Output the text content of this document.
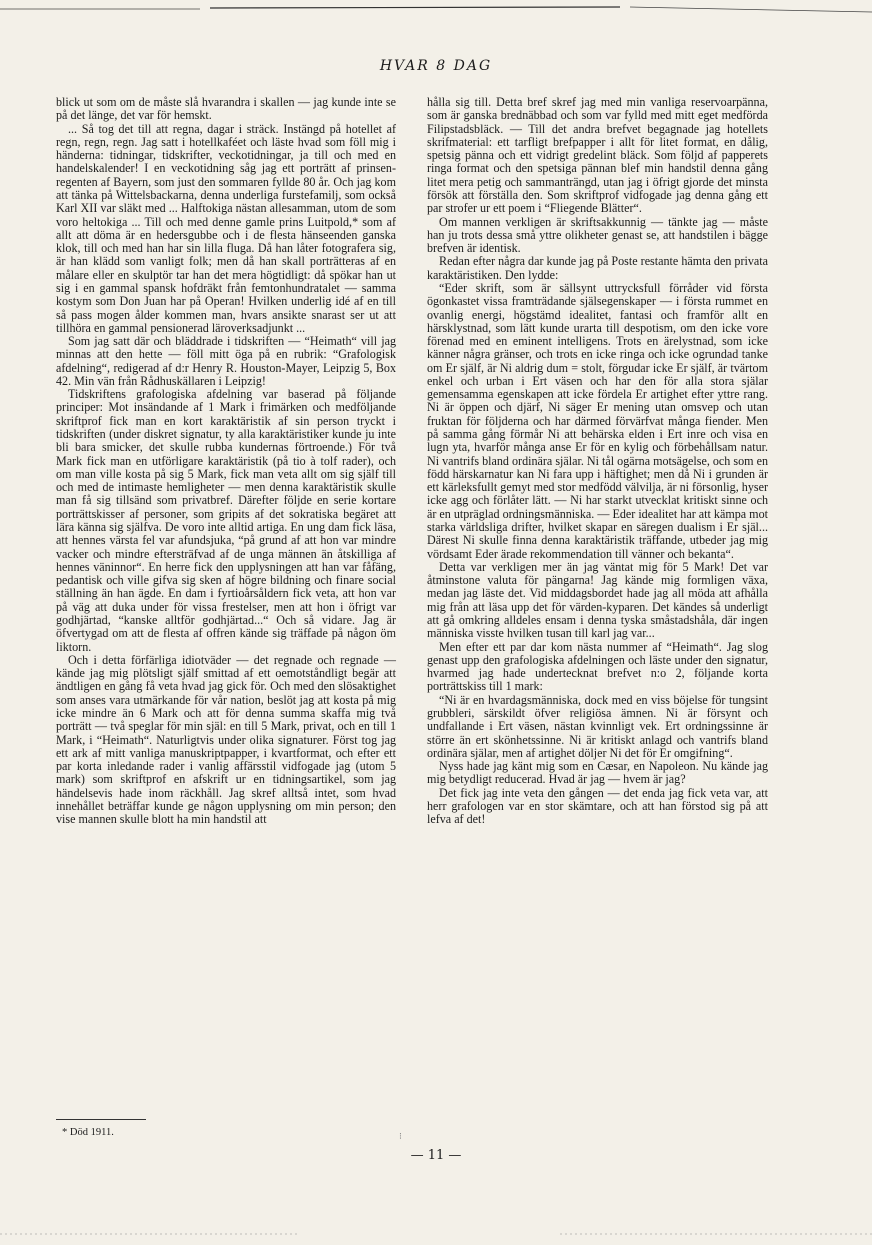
HVAR 8 DAG

blick ut som om de måste slå hvarandra i skallen — jag kunde inte se på det länge, det var för hemskt.

... Så tog det till att regna, dagar i sträck. Instängd på hotellet af regn, regn, regn. Jag satt i hotellkaféet och läste hvad som föll mig i händerna: tidningar, tidskrifter, veckotidningar, ja till och med en handelskalender! I en veckotidning såg jag ett porträtt af prinsen-regenten af Bayern, som just den sommaren fyllde 80 år. Och jag kom att tänka på Wittelsbackarna, denna underliga furstefamilj, som också Karl XII var släkt med ... Halftokiga nästan allesamman, utom de som voro heltokiga ... Till och med denne gamle prins Luitpold,* som af allt att döma är en hedersgubbe och i de flesta hänseenden ganska klok, till och med han har sin lilla fluga. Då han låter fotografera sig, är han klädd som vanligt folk; men då han skall porträtteras af en målare eller en skulptör tar han det mera högtidligt: då spökar han ut sig i en gammal spansk hofdräkt från femtonhundratalet — samma kostym som Don Juan har på Operan! Hvilken underlig idé af en till så pass mogen ålder kommen man, hvars ansikte snarast ser ut att tillhöra en gammal pensionerad läroverksadjunkt ...

Som jag satt där och bläddrade i tidskriften — “Heimath“ vill jag minnas att den hette — föll mitt öga på en rubrik: “Grafologisk afdelning“, redigerad af d:r Henry R. Houston-Mayer, Leipzig 5, Box 42. Min vän från Rådhuskällaren i Leipzig!

Tidskriftens grafologiska afdelning var baserad på följande principer: Mot insändande af 1 Mark i frimärken och medföljande skriftprof fick man en kort karaktäristik af sin person tryckt i tidskriften (under diskret signatur, ty alla karaktäristiker kunde ju inte bli bara smicker, det skulle rubba kundernas förtroende.) För två Mark fick man en utförligare karaktäristik (på tio à tolf rader), och om man ville kosta på sig 5 Mark, fick man veta allt om sig själf till och med de intimaste hemligheter — men denna karaktäristik skulle man få sig tillsänd som privatbref. Därefter följde en serie kortare porträttskisser af personer, som gripits af det sokratiska begäret att lära känna sig själfva. De voro inte alltid artiga. En ung dam fick läsa, att hennes värsta fel var afundsjuka, “på grund af att hon var mindre vacker och mindre eftersträfvad af de unga männen än åtskilliga af hennes väninnor“. En herre fick den upplysningen att han var fåfäng, pedantisk och ville gifva sig sken af högre bildning och finare social ställning än han ägde. En dam i fyrtioårsåldern fick veta, att hon var på väg att duka under för vissa frestelser, men att hon i öfrigt var godhjärtad, “kanske alltför godhjärtad...“ Och så vidare. Jag är öfvertygad om att de flesta af offren kände sig träffade på någon öm liktorn.

Och i detta förfärliga idiotväder — det regnade och regnade — kände jag mig plötsligt själf smittad af ett oemotståndligt begär att ändtligen en gång få veta hvad jag gick för. Och med den slösaktighet som anses vara utmärkande för vår nation, beslöt jag att kosta på mig icke mindre än 6 Mark och att för denna summa skaffa mig två porträtt — två speglar för min själ: en till 5 Mark, privat, och en till 1 Mark, i “Heimath“. Naturligtvis under olika signaturer. Först tog jag ett ark af mitt vanliga manuskriptpapper, i kvartformat, och efter ett par korta inledande rader i vanlig affärsstil vidfogade jag (utom 5 mark) som skriftprof en afskrift ur en tidningsartikel, som jag händelsevis hade inom räckhåll. Jag skref alltså intet, som hvad innehållet beträffar kunde ge någon upplysning om min person; den vise mannen skulle blott ha min handstil att

hålla sig till. Detta bref skref jag med min vanliga reservoarpänna, som är ganska brednäbbad och som var fylld med mitt eget medförda Filipstadsbläck. — Till det andra brefvet begagnade jag hotellets skrifmaterial: ett tarfligt brefpapper i allt för litet format, en dålig, spetsig pänna och ett vidrigt gredelint bläck. Som följd af papperets ringa format och den spetsiga pännan blef min handstil denna gång litet mera petig och sammanträngd, utan jag i öfrigt gjorde det minsta försök att förställa den. Som skriftprof vidfogade jag denna gång ett par strofer ur ett poem i “Fliegende Blätter“.

Om mannen verkligen är skriftsakkunnig — tänkte jag — måste han ju trots dessa små yttre olikheter genast se, att handstilen i bägge brefven är identisk.

Redan efter några dar kunde jag på Poste restante hämta den privata karaktäristiken. Den lydde:

“Eder skrift, som är sällsynt uttrycksfull förråder vid första ögonkastet vissa framträdande själsegenskaper — i första rummet en ovanlig energi, högstämd idealitet, fantasi och framför allt en härsklystnad, som lätt kunde urarta till despotism, om den icke vore förenad med en eminent intelligens. Trots en ärelystnad, som icke känner några gränser, och trots en icke ringa och icke ogrundad tanke om Er själf, är Ni aldrig dum = stolt, förgudar icke Er själf, är tvärtom enkel och urban i Ert väsen och har den för alla stora själar gemensamma egenskapen att icke fördela Er artighet efter yttre rang. Ni är öppen och djärf, Ni säger Er mening utan omsvep och utan fruktan för följderna och har därmed förvärfvat många fiender. Men på samma gång förmår Ni att behärska elden i Ert inre och visa en lugn yta, hvarför många anse Er för en kylig och förbehållsam natur. Ni vantrifs bland ordinära själar. Ni tål ogärna motsägelse, och som en född härskarnatur kan Ni fara upp i häftighet; men då Ni i grunden är ett kärleksfullt gemyt med stor medfödd välvilja, är ni försonlig, hyser icke agg och förlåter lätt. — Ni har starkt utvecklat kritiskt sinne och är en utpräglad ordningsmänniska. — Eder idealitet har att kämpa mot starka världsliga drifter, hvilket skapar en säregen dualism i Er själ... Därest Ni skulle finna denna karaktäristik träffande, utbeder jag mig vördsamt Eder ärade rekommendation till vänner och bekanta“.

Detta var verkligen mer än jag väntat mig för 5 Mark! Det var åtminstone valuta för pängarna! Jag kände mig formligen växa, medan jag läste det. Vid middagsbordet hade jag all möda att afhålla mig från att läsa upp det för värden-kyparen. Det kändes så underligt att gå omkring alldeles ensam i denna tyska småstadshåla, där ingen människa visste hvilken tusan till karl jag var...

Men efter ett par dar kom nästa nummer af “Heimath“. Jag slog genast upp den grafologiska afdelningen och läste under den signatur, hvarmed jag hade undertecknat brefvet n:o 2, följande korta porträttskiss till 1 mark:

“Ni är en hvardagsmänniska, dock med en viss böjelse för tungsint grubbleri, särskildt öfver religiösa ämnen. Ni är försynt och undfallande i Ert väsen, nästan kvinnligt vek. Ert ordningssinne är större än ert skönhetssinne. Ni är kritiskt anlagd och vantrifs bland ordinära själar, men af artighet döljer Ni det för Er omgifning“.

Nyss hade jag känt mig som en Cæsar, en Napoleon. Nu kände jag mig betydligt reducerad. Hvad är jag — hvem är jag?

Det fick jag inte veta den gången — det enda jag fick veta var, att herr grafologen var en stor skämtare, och att han förstod sig på att lefva af det!

* Död 1911.	⁝
— 11 —
